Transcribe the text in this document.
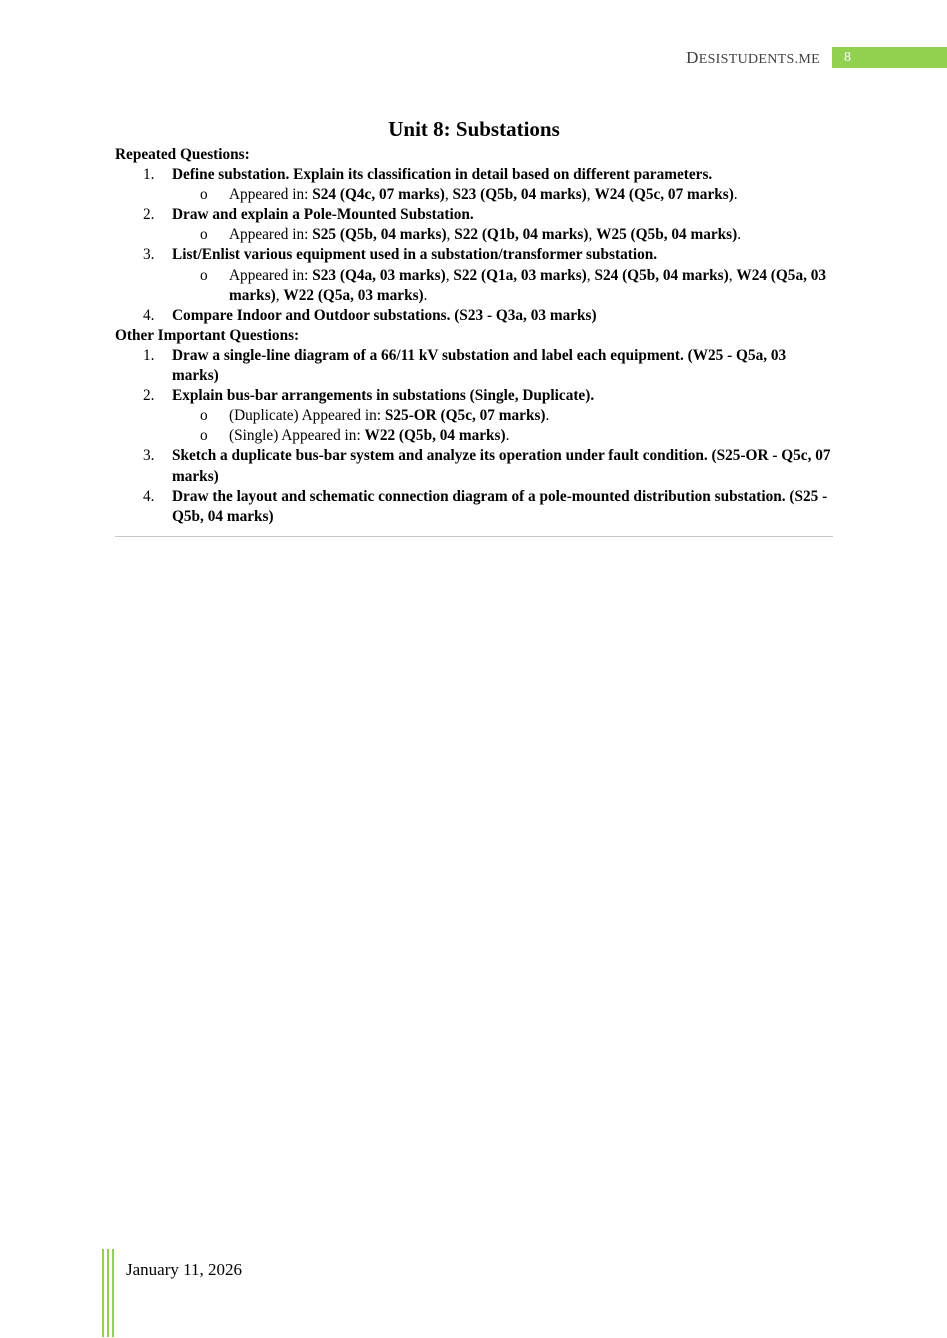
DESISTUDENTS.ME	8
Unit 8: Substations
Repeated Questions:
1. Define substation. Explain its classification in detail based on different parameters.
o Appeared in: S24 (Q4c, 07 marks), S23 (Q5b, 04 marks), W24 (Q5c, 07 marks).
2. Draw and explain a Pole-Mounted Substation.
o Appeared in: S25 (Q5b, 04 marks), S22 (Q1b, 04 marks), W25 (Q5b, 04 marks).
3. List/Enlist various equipment used in a substation/transformer substation.
o Appeared in: S23 (Q4a, 03 marks), S22 (Q1a, 03 marks), S24 (Q5b, 04 marks), W24 (Q5a, 03 marks), W22 (Q5a, 03 marks).
4. Compare Indoor and Outdoor substations. (S23 - Q3a, 03 marks)
Other Important Questions:
1. Draw a single-line diagram of a 66/11 kV substation and label each equipment. (W25 - Q5a, 03 marks)
2. Explain bus-bar arrangements in substations (Single, Duplicate).
o (Duplicate) Appeared in: S25-OR (Q5c, 07 marks).
o (Single) Appeared in: W22 (Q5b, 04 marks).
3. Sketch a duplicate bus-bar system and analyze its operation under fault condition. (S25-OR - Q5c, 07 marks)
4. Draw the layout and schematic connection diagram of a pole-mounted distribution substation. (S25 - Q5b, 04 marks)
January 11, 2026
